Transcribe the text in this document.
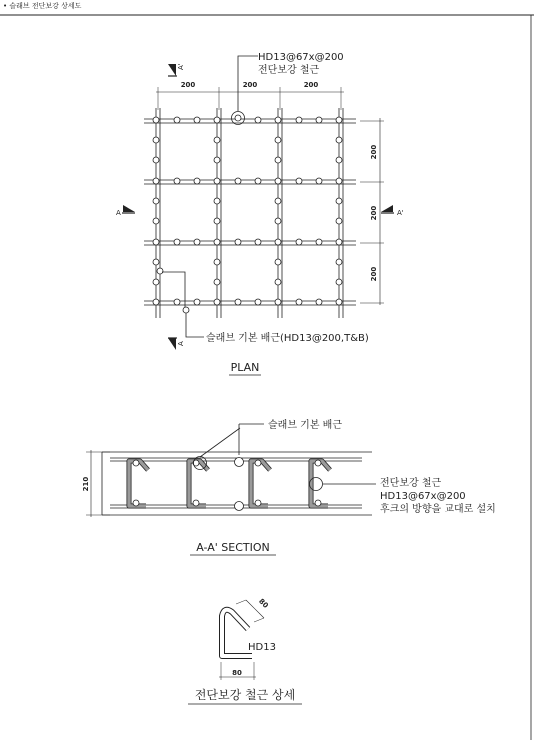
• 슬래브 전단보강 상세도
200	200	200
200
200
200
HD13@67x@200
전단보강 철근
A'
A
A	A'
슬래브 기본 배근(HD13@200,T&B)
PLAN
210
슬래브 기본 배근
전단보강 철근
HD13@67x@200
후크의 방향을 교대로 설치
A-A' SECTION
80
HD13
80
전단보강 철근 상세
